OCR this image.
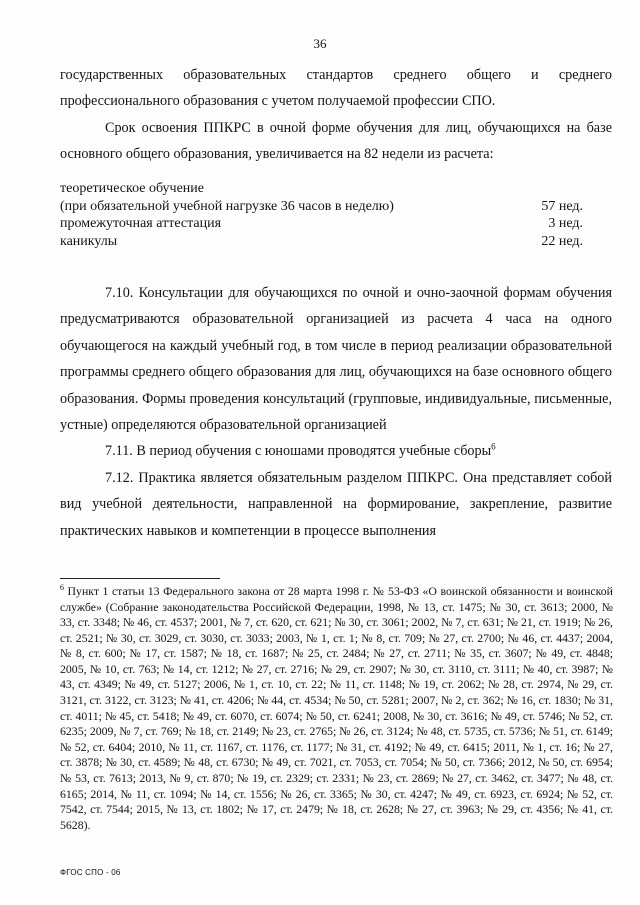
36

государственных образовательных стандартов среднего общего и среднего профессионального образования с учетом получаемой профессии СПО.

Срок освоения ППКРС в очной форме обучения для лиц, обучающихся на базе основного общего образования, увеличивается на 82 недели из расчета:

теоретическое обучение
(при обязательной учебной нагрузке 36 часов в неделю)	57 нед.
промежуточная аттестация	3 нед.
каникулы	22 нед.

7.10. Консультации для обучающихся по очной и очно-заочной формам обучения предусматриваются образовательной организацией из расчета 4 часа на одного обучающегося на каждый учебный год, в том числе в период реализации образовательной программы среднего общего образования для лиц, обучающихся на базе основного общего образования. Формы проведения консультаций (групповые, индивидуальные, письменные, устные) определяются образовательной организацией

7.11. В период обучения с юношами проводятся учебные сборы$^6$

7.12. Практика является обязательным разделом ППКРС. Она представляет собой вид учебной деятельности, направленной на формирование, закрепление, развитие практических навыков и компетенции в процессе выполнения

$^6$ Пункт 1 статьи 13 Федерального закона от 28 марта 1998 г. № 53-ФЗ «О воинской обязанности и воинской службе» (Собрание законодательства Российской Федерации, 1998, № 13, ст. 1475; № 30, ст. 3613; 2000, № 33, ст. 3348; № 46, ст. 4537; 2001, № 7, ст. 620, ст. 621; № 30, ст. 3061; 2002, № 7, ст. 631; № 21, ст. 1919; № 26, ст. 2521; № 30, ст. 3029, ст. 3030, ст. 3033; 2003, № 1, ст. 1; № 8, ст. 709; № 27, ст. 2700; № 46, ст. 4437; 2004, № 8, ст. 600; № 17, ст. 1587; № 18, ст. 1687; № 25, ст. 2484; № 27, ст. 2711; № 35, ст. 3607; № 49, ст. 4848; 2005, № 10, ст. 763; № 14, ст. 1212; № 27, ст. 2716; № 29, ст. 2907; № 30, ст. 3110, ст. 3111; № 40, ст. 3987; № 43, ст. 4349; № 49, ст. 5127; 2006, № 1, ст. 10, ст. 22; № 11, ст. 1148; № 19, ст. 2062; № 28, ст. 2974, № 29, ст. 3121, ст. 3122, ст. 3123; № 41, ст. 4206; № 44, ст. 4534; № 50, ст. 5281; 2007, № 2, ст. 362; № 16, ст. 1830; № 31, ст. 4011; № 45, ст. 5418; № 49, ст. 6070, ст. 6074; № 50, ст. 6241; 2008, № 30, ст. 3616; № 49, ст. 5746; № 52, ст. 6235; 2009, № 7, ст. 769; № 18, ст. 2149; № 23, ст. 2765; № 26, ст. 3124; № 48, ст. 5735, ст. 5736; № 51, ст. 6149; № 52, ст. 6404; 2010, № 11, ст. 1167, ст. 1176, ст. 1177; № 31, ст. 4192; № 49, ст. 6415; 2011, № 1, ст. 16; № 27, ст. 3878; № 30, ст. 4589; № 48, ст. 6730; № 49, ст. 7021, ст. 7053, ст. 7054; № 50, ст. 7366; 2012, № 50, ст. 6954; № 53, ст. 7613; 2013, № 9, ст. 870; № 19, ст. 2329; ст. 2331; № 23, ст. 2869; № 27, ст. 3462, ст. 3477; № 48, ст. 6165; 2014, № 11, ст. 1094; № 14, ст. 1556; № 26, ст. 3365; № 30, ст. 4247; № 49, ст. 6923, ст. 6924; № 52, ст. 7542, ст. 7544; 2015, № 13, ст. 1802; № 17, ст. 2479; № 18, ст. 2628; № 27, ст. 3963; № 29, ст. 4356; № 41, ст. 5628).
ФГОС СПО - 06
